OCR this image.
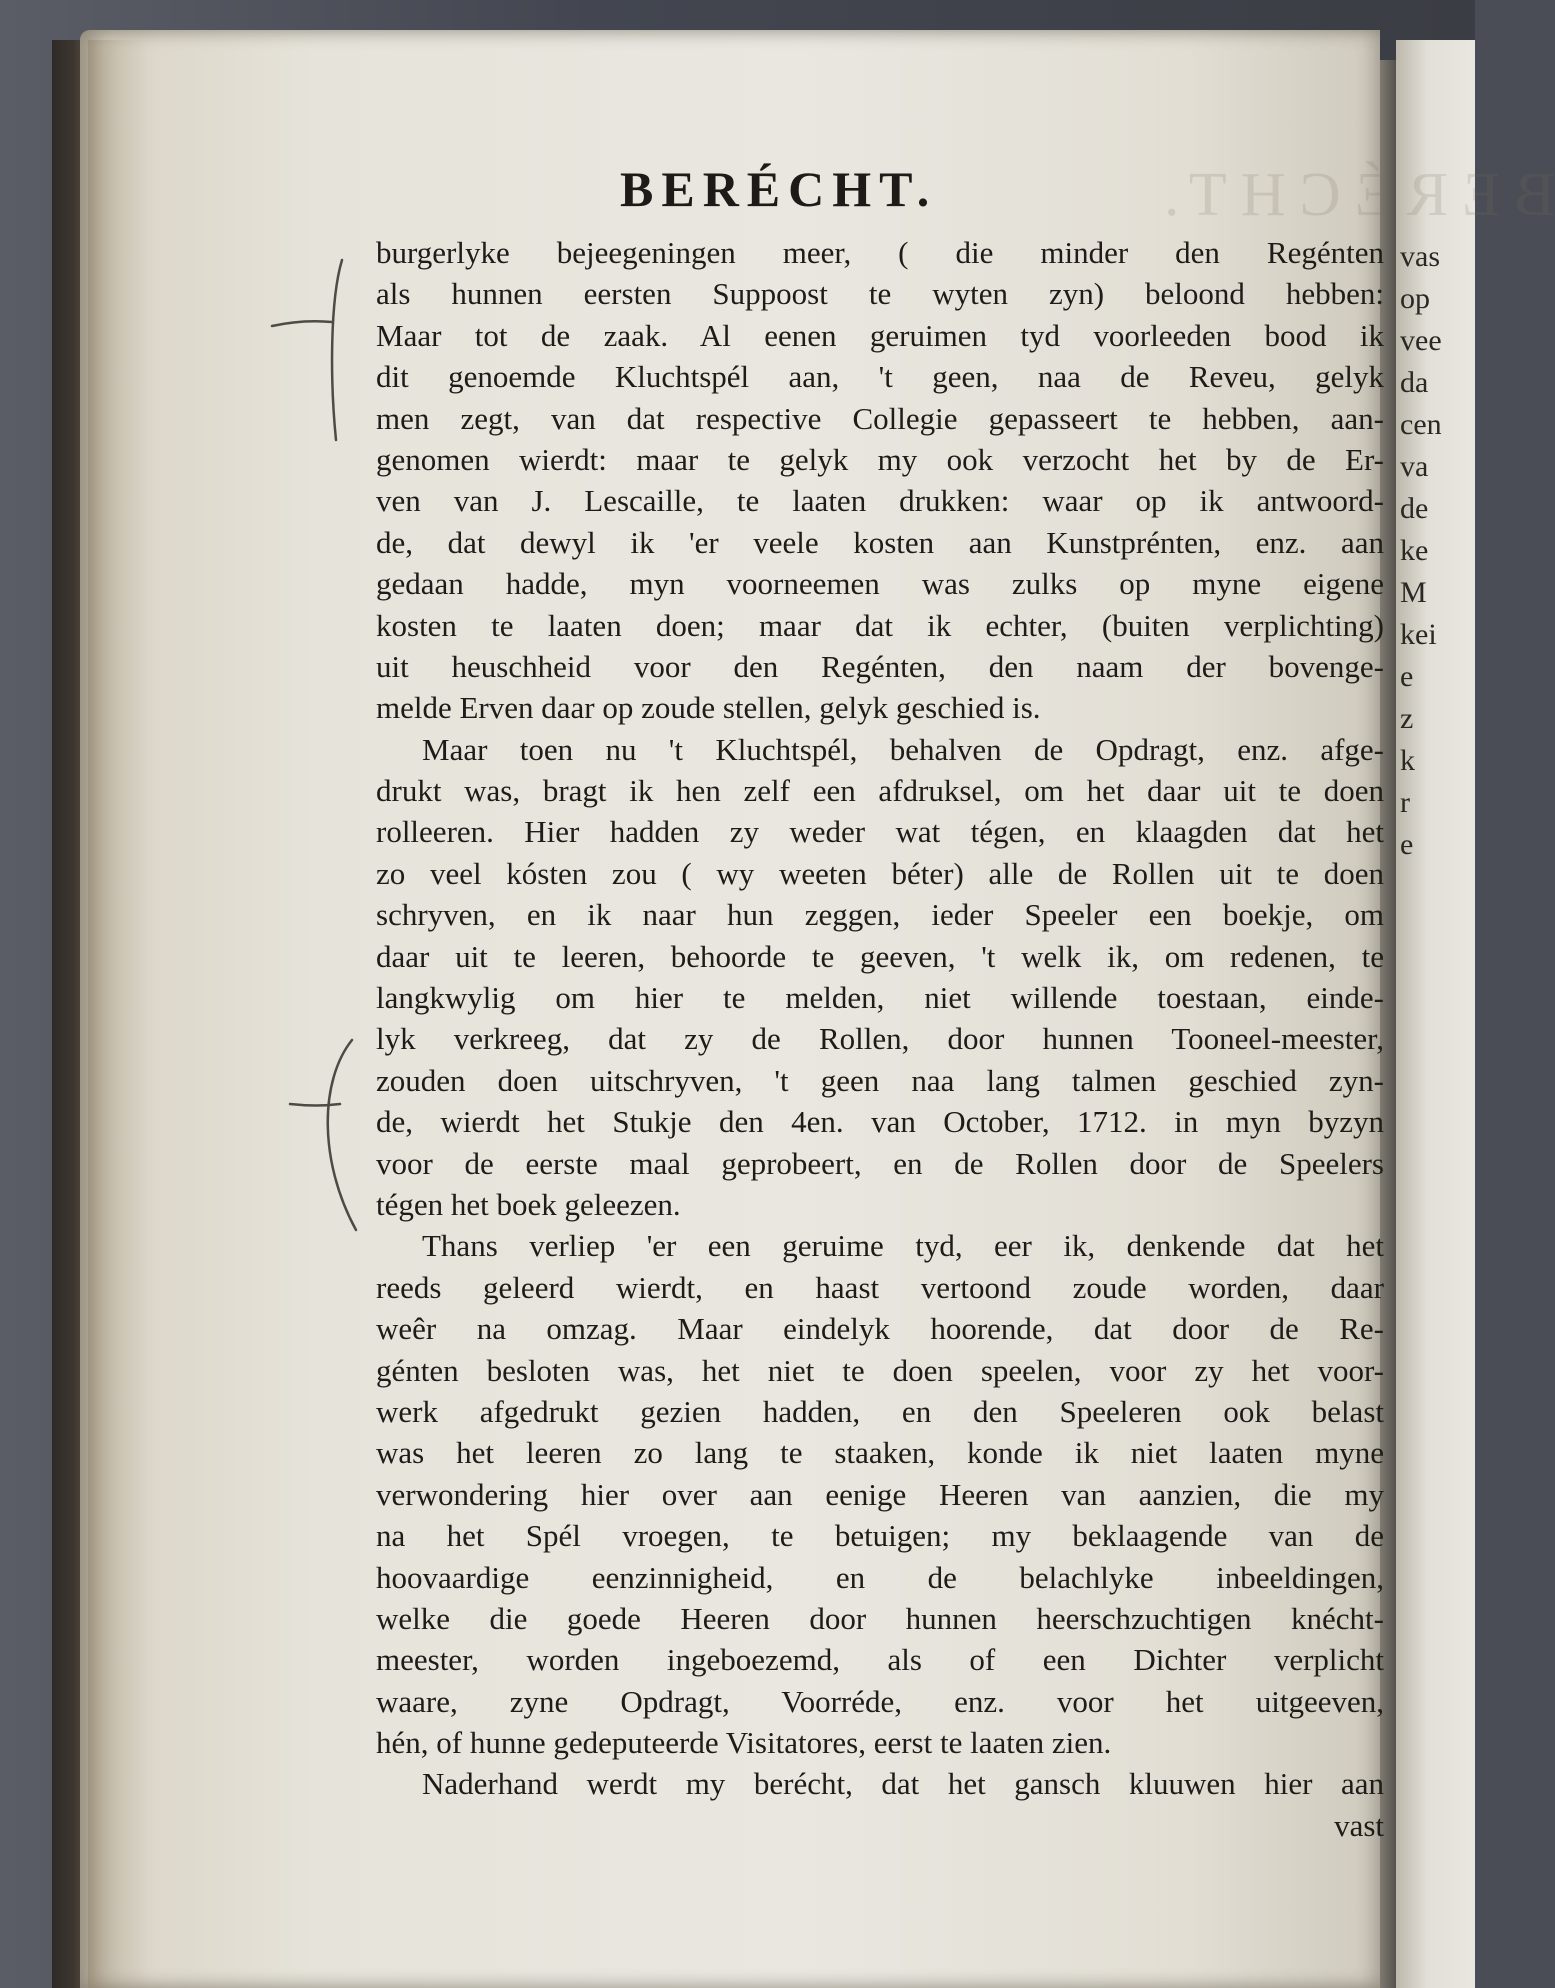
vas
op
vee
da
cen
va
de
ke
M
kei
e
z
k
r
e
BERÉCHT.
BERÉCHT.
burgerlyke bejeegeningen meer, ( die minder den Regénten
als hunnen eersten Suppoost te wyten zyn) beloond hebben:
Maar tot de zaak. Al eenen geruimen tyd voorleeden bood ik
dit genoemde Kluchtspél aan, 't geen, naa de Reveu, gelyk
men zegt, van dat respective Collegie gepasseert te hebben, aan-
genomen wierdt: maar te gelyk my ook verzocht het by de Er-
ven van J. Lescaille, te laaten drukken: waar op ik antwoord-
de, dat dewyl ik 'er veele kosten aan Kunstprénten, enz. aan
gedaan hadde, myn voorneemen was zulks op myne eigene
kosten te laaten doen; maar dat ik echter, (buiten verplichting)
uit heuschheid voor den Regénten, den naam der bovenge-
melde Erven daar op zoude stellen, gelyk geschied is.
Maar toen nu 't Kluchtspél, behalven de Opdragt, enz. afge-
drukt was, bragt ik hen zelf een afdruksel, om het daar uit te doen
rolleeren. Hier hadden zy weder wat tégen, en klaagden dat het
zo veel kósten zou ( wy weeten béter) alle de Rollen uit te doen
schryven, en ik naar hun zeggen, ieder Speeler een boekje, om
daar uit te leeren, behoorde te geeven, 't welk ik, om redenen, te
langkwylig om hier te melden, niet willende toestaan, einde-
lyk verkreeg, dat zy de Rollen, door hunnen Tooneel-meester,
zouden doen uitschryven, 't geen naa lang talmen geschied zyn-
de, wierdt het Stukje den 4en. van October, 1712. in myn byzyn
voor de eerste maal geprobeert, en de Rollen door de Speelers
tégen het boek geleezen.
Thans verliep 'er een geruime tyd, eer ik, denkende dat het
reeds geleerd wierdt, en haast vertoond zoude worden, daar
weêr na omzag. Maar eindelyk hoorende, dat door de Re-
génten besloten was, het niet te doen speelen, voor zy het voor-
werk afgedrukt gezien hadden, en den Speeleren ook belast
was het leeren zo lang te staaken, konde ik niet laaten myne
verwondering hier over aan eenige Heeren van aanzien, die my
na het Spél vroegen, te betuigen; my beklaagende van de
hoovaardige eenzinnigheid, en de belachlyke inbeeldingen,
welke die goede Heeren door hunnen heerschzuchtigen knécht-
meester, worden ingeboezemd, als of een Dichter verplicht
waare, zyne Opdragt, Voorréde, enz. voor het uitgeeven,
hén, of hunne gedeputeerde Visitatores, eerst te laaten zien.
Naderhand werdt my berécht, dat het gansch kluuwen hier aan
vast
